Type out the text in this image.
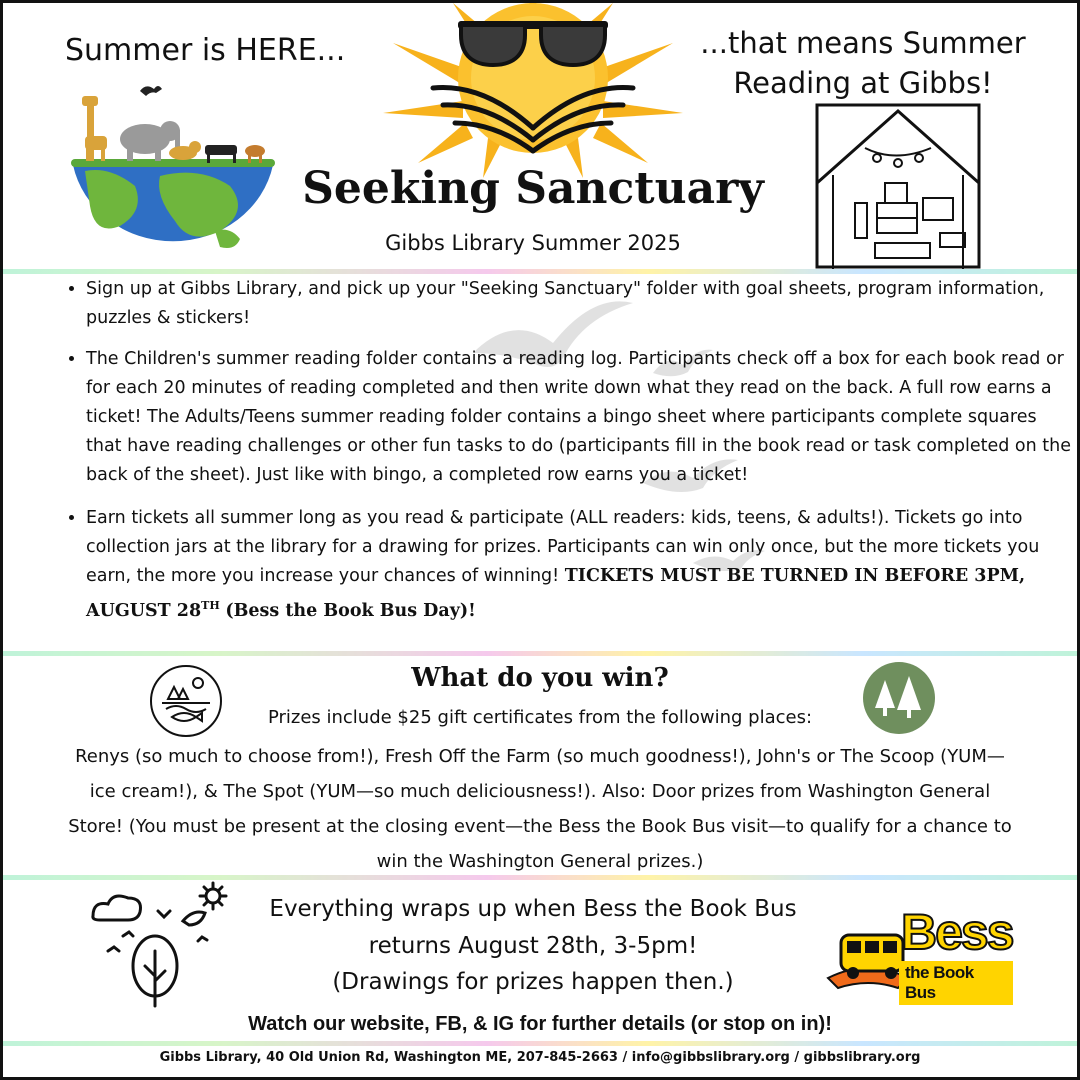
Summer is HERE...	...that means Summer Reading at Gibbs!
Seeking Sanctuary
Gibbs Library Summer 2025
• Sign up at Gibbs Library, and pick up your "Seeking Sanctuary" folder with goal sheets, program information, puzzles & stickers!
• The Children's summer reading folder contains a reading log. Participants check off a box for each book read or for each 20 minutes of reading completed and then write down what they read on the back. A full row earns a ticket! The Adults/Teens summer reading folder contains a bingo sheet where participants complete squares that have reading challenges or other fun tasks to do (participants fill in the book read or task completed on the back of the sheet). Just like with bingo, a completed row earns you a ticket!
• Earn tickets all summer long as you read & participate (ALL readers: kids, teens, & adults!). Tickets go into collection jars at the library for a drawing for prizes. Participants can win only once, but the more tickets you earn, the more you increase your chances of winning! TICKETS MUST BE TURNED IN BEFORE 3PM, AUGUST 28TH (Bess the Book Bus Day)!
What do you win?
Prizes include $25 gift certificates from the following places:
Renys (so much to choose from!), Fresh Off the Farm (so much goodness!), John's or The Scoop (YUM—ice cream!), & The Spot (YUM—so much deliciousness!). Also: Door prizes from Washington General Store! (You must be present at the closing event—the Bess the Book Bus visit—to qualify for a chance to win the Washington General prizes.)
Everything wraps up when Bess the Book Bus
returns August 28th, 3-5pm!
(Drawings for prizes happen then.)
Bess
the Book Bus
Watch our website, FB, & IG for further details (or stop on in)!
Gibbs Library, 40 Old Union Rd, Washington ME, 207-845-2663 / info@gibbslibrary.org / gibbslibrary.org
